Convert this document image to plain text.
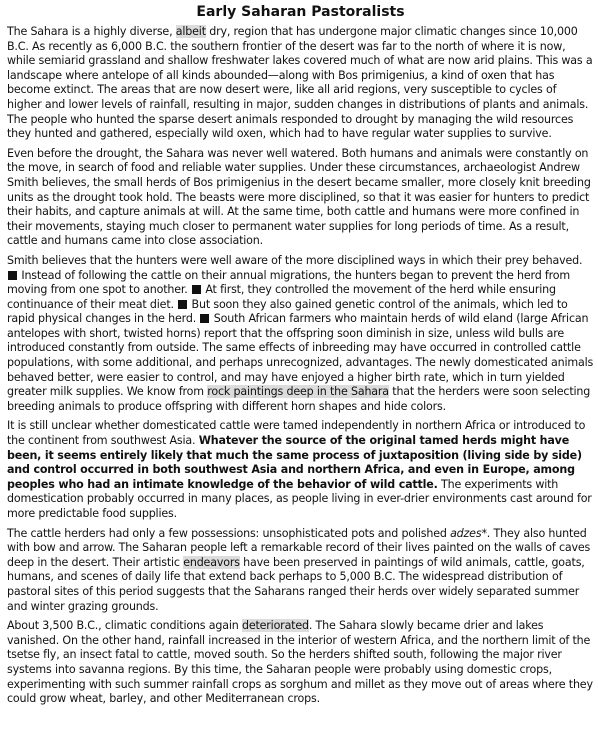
Early Saharan Pastoralists

The Sahara is a highly diverse, albeit dry, region that has undergone major climatic changes since 10,000 B.C. As recently as 6,000 B.C. the southern frontier of the desert was far to the north of where it is now, while semiarid grassland and shallow freshwater lakes covered much of what are now arid plains. This was a landscape where antelope of all kinds abounded—along with Bos primigenius, a kind of oxen that has become extinct. The areas that are now desert were, like all arid regions, very susceptible to cycles of higher and lower levels of rainfall, resulting in major, sudden changes in distributions of plants and animals. The people who hunted the sparse desert animals responded to drought by managing the wild resources they hunted and gathered, especially wild oxen, which had to have regular water supplies to survive.

Even before the drought, the Sahara was never well watered. Both humans and animals were constantly on the move, in search of food and reliable water supplies. Under these circumstances, archaeologist Andrew Smith believes, the small herds of Bos primigenius in the desert became smaller, more closely knit breeding units as the drought took hold. The beasts were more disciplined, so that it was easier for hunters to predict their habits, and capture animals at will. At the same time, both cattle and humans were more confined in their movements, staying much closer to permanent water supplies for long periods of time. As a result, cattle and humans came into close association.

Smith believes that the hunters were well aware of the more disciplined ways in which their prey behaved.  Instead of following the cattle on their annual migrations, the hunters began to prevent the herd from moving from one spot to another.  At first, they controlled the movement of the herd while ensuring continuance of their meat diet.  But soon they also gained genetic control of the animals, which led to rapid physical changes in the herd.  South African farmers who maintain herds of wild eland (large African antelopes with short, twisted horns) report that the offspring soon diminish in size, unless wild bulls are introduced constantly from outside. The same effects of inbreeding may have occurred in controlled cattle populations, with some additional, and perhaps unrecognized, advantages. The newly domesticated animals behaved better, were easier to control, and may have enjoyed a higher birth rate, which in turn yielded greater milk supplies. We know from rock paintings deep in the Sahara that the herders were soon selecting breeding animals to produce offspring with different horn shapes and hide colors.

It is still unclear whether domesticated cattle were tamed independently in northern Africa or introduced to the continent from southwest Asia. Whatever the source of the original tamed herds might have been, it seems entirely likely that much the same process of juxtaposition (living side by side) and control occurred in both southwest Asia and northern Africa, and even in Europe, among peoples who had an intimate knowledge of the behavior of wild cattle. The experiments with domestication probably occurred in many places, as people living in ever-drier environments cast around for more predictable food supplies.

The cattle herders had only a few possessions: unsophisticated pots and polished adzes*. They also hunted with bow and arrow. The Saharan people left a remarkable record of their lives painted on the walls of caves deep in the desert. Their artistic endeavors have been preserved in paintings of wild animals, cattle, goats, humans, and scenes of daily life that extend back perhaps to 5,000 B.C. The widespread distribution of pastoral sites of this period suggests that the Saharans ranged their herds over widely separated summer and winter grazing grounds.

About 3,500 B.C., climatic conditions again deteriorated. The Sahara slowly became drier and lakes vanished. On the other hand, rainfall increased in the interior of western Africa, and the northern limit of the tsetse fly, an insect fatal to cattle, moved south. So the herders shifted south, following the major river systems into savanna regions. By this time, the Saharan people were probably using domestic crops, experimenting with such summer rainfall crops as sorghum and millet as they move out of areas where they could grow wheat, barley, and other Mediterranean crops.
